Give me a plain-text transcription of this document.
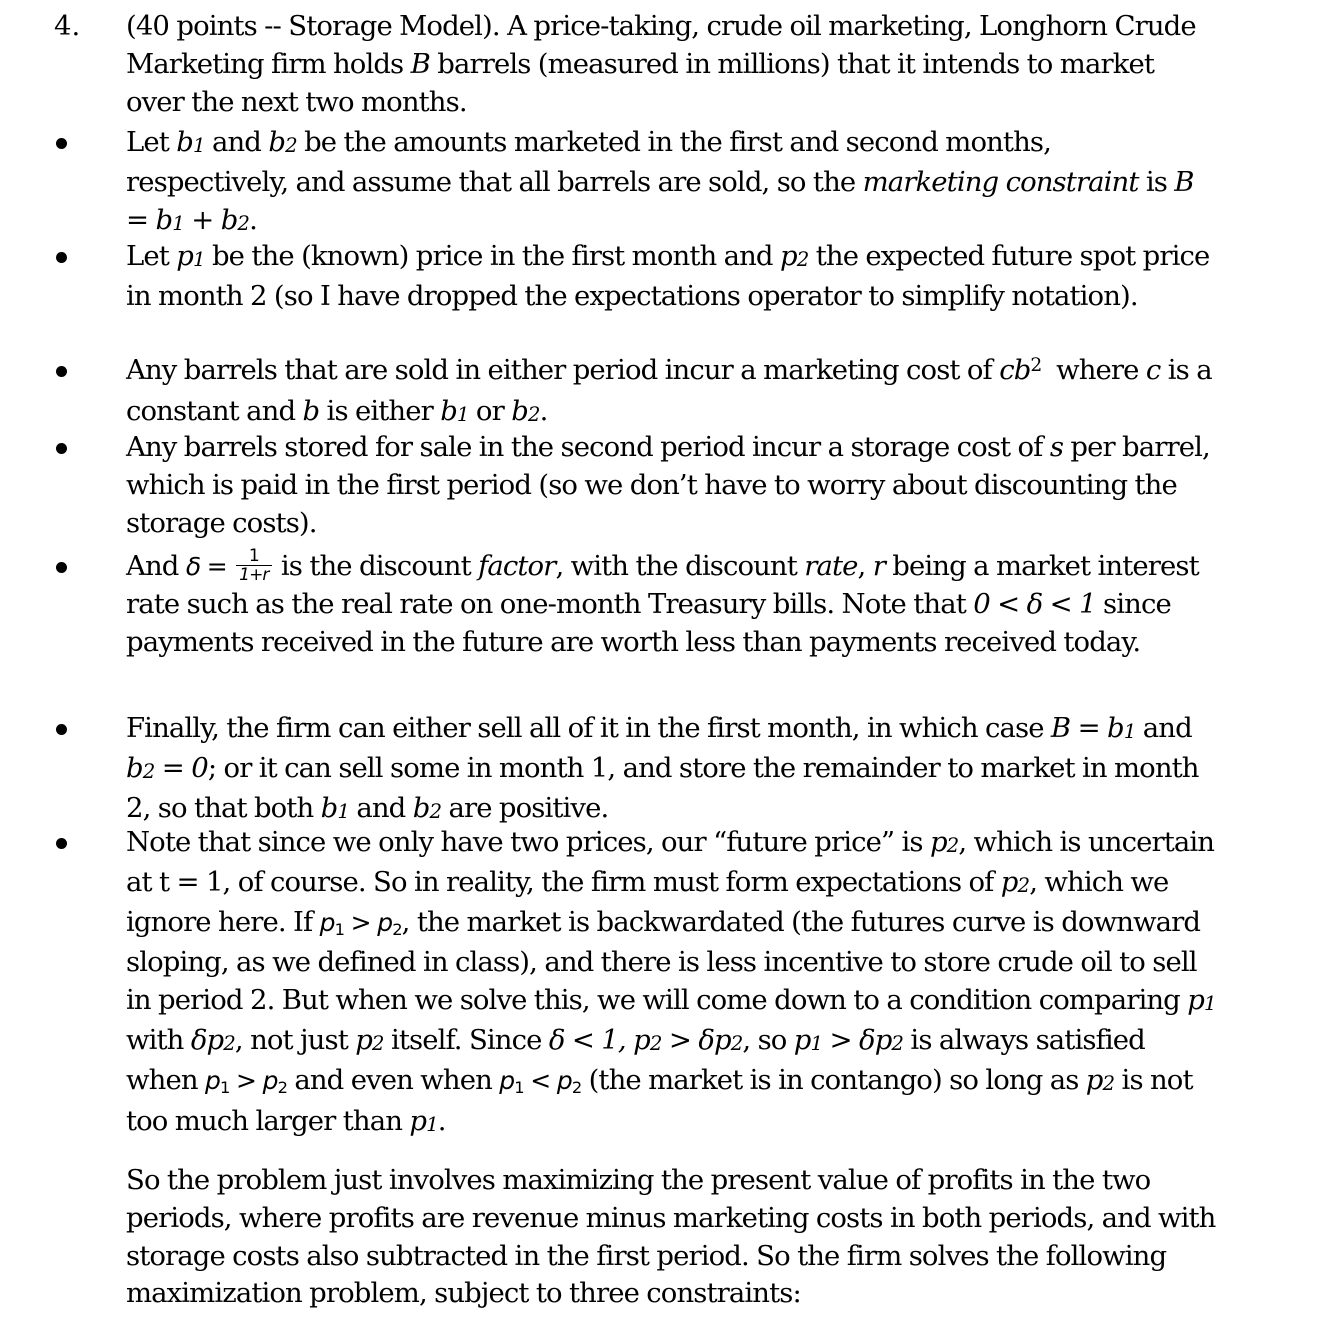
4. (40 points -- Storage Model). A price-taking, crude oil marketing, Longhorn Crude Marketing firm holds B barrels (measured in millions) that it intends to market over the next two months.
Let $b_1$ and $b_2$ be the amounts marketed in the first and second months, respectively, and assume that all barrels are sold, so the marketing constraint is $B = b_1 + b_2$.
Let $p_1$ be the (known) price in the first month and $p_2$ the expected future spot price in month 2 (so I have dropped the expectations operator to simplify notation).
Any barrels that are sold in either period incur a marketing cost of $cb^2$  where c is a constant and b is either $b_1$ or $b_2$.
Any barrels stored for sale in the second period incur a storage cost of s per barrel, which is paid in the first period (so we don’t have to worry about discounting the storage costs).
And $\delta = \frac{1}{1+r}$ is the discount factor, with the discount rate, r being a market interest rate such as the real rate on one-month Treasury bills. Note that 0 < δ < 1 since payments received in the future are worth less than payments received today.
Finally, the firm can either sell all of it in the first month, in which case $B = b_1$ and $b_2 = 0$; or it can sell some in month 1, and store the remainder to market in month 2, so that both $b_1$ and $b_2$ are positive.
Note that since we only have two prices, our “future price” is $p_2$, which is uncertain at t = 1, of course. So in reality, the firm must form expectations of $p_2$, which we ignore here. If $p_1 > p_2$, the market is backwardated (the futures curve is downward sloping, as we defined in class), and there is less incentive to store crude oil to sell in period 2. But when we solve this, we will come down to a condition comparing $p_1$ with $\delta p_2$, not just $p_2$ itself. Since δ < 1, $p_2 > \delta p_2$, so $p_1 > \delta p_2$ is always satisfied when $p_1 > p_2$ and even when $p_1 < p_2$ (the market is in contango) so long as $p_2$ is not too much larger than $p_1$.
So the problem just involves maximizing the present value of profits in the two periods, where profits are revenue minus marketing costs in both periods, and with storage costs also subtracted in the first period. So the firm solves the following maximization problem, subject to three constraints:
